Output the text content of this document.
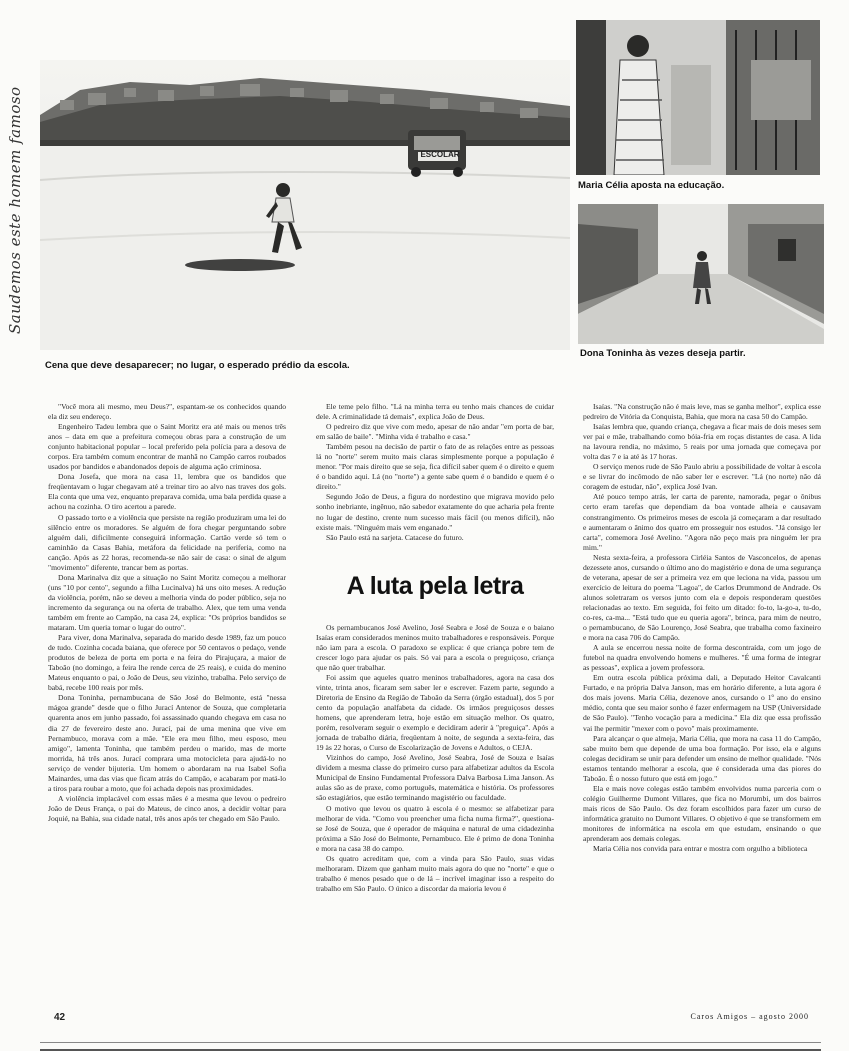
Saudemos este homem famoso	ESCOLAR
Maria Célia aposta na educação.
Dona Toninha às vezes deseja partir.
Cena que deve desaparecer; no lugar, o esperado prédio da escola.

"Você mora ali mesmo, meu Deus?", espantam-se os conhecidos quando ela diz seu endereço.

Engenheiro Tadeu lembra que o Saint Moritz era até mais ou menos três anos – data em que a prefeitura começou obras para a construção de um conjunto habitacional popular – local preferido pela polícia para a desova de corpos. Era também comum encontrar de manhã no Campão carros roubados usados por bandidos e abandonados depois de alguma ação criminosa.

Dona Josefa, que mora na casa 11, lembra que os bandidos que freqüentavam o lugar chegavam até a treinar tiro ao alvo nas traves dos gols. Ela conta que uma vez, enquanto preparava comida, uma bala perdida quase a achou na cozinha. O tiro acertou a parede.

O passado torto e a violência que persiste na região produziram uma lei do silêncio entre os moradores. Se alguém de fora chegar perguntando sobre alguém dali, dificilmente conseguirá informação. Cartão verde só tem o caminhão da Casas Bahia, metáfora da felicidade na periferia, como na canção. Após as 22 horas, recomenda-se não sair de casa: o sinal de algum "movimento" diferente, trancar bem as portas.

Dona Marinalva diz que a situação no Saint Moritz começou a melhorar (uns "10 por cento", segundo a filha Lucinalva) há uns oito meses. A redução da violência, porém, não se deveu a melhoria vinda do poder público, seja no incremento da segurança ou na oferta de trabalho. Alex, que tem uma venda também em frente ao Campão, na casa 24, explica: "Os próprios bandidos se mataram. Um queria tomar o lugar do outro".

Para viver, dona Marinalva, separada do marido desde 1989, faz um pouco de tudo. Cozinha cocada baiana, que oferece por 50 centavos o pedaço, vende produtos de beleza de porta em porta e na feira do Pirajuçara, a maior de Taboão (no domingo, a feira lhe rende cerca de 25 reais), e cuida do menino Mateus enquanto o pai, o João de Deus, seu vizinho, trabalha. Pelo serviço de babá, recebe 100 reais por mês.

Dona Toninha, pernambucana de São José do Belmonte, está "nessa mágoa grande" desde que o filho Jurací Antenor de Souza, que completaria quarenta anos em junho passado, foi assassinado quando chegava em casa no dia 27 de fevereiro deste ano. Jurací, pai de uma menina que vive em Pernambuco, morava com a mãe. "Ele era meu filho, meu esposo, meu amigo", lamenta Toninha, que também perdeu o marido, mas de morte morrida, há três anos. Jurací comprara uma motocicleta para ajudá-lo no serviço de vender bijuteria. Um homem o abordaram na rua Isabel Sofia Mainardes, uma das vias que ficam atrás do Campão, e acabaram por matá-lo a tiros para roubar a moto, que foi achada depois nas proximidades.

A violência implacável com essas mães é a mesma que levou o pedreiro João de Deus França, o pai do Mateus, de cinco anos, a decidir voltar para Joquié, na Bahia, sua cidade natal, três anos após ter chegado em São Paulo.

Ele teme pelo filho. "Lá na minha terra eu tenho mais chances de cuidar dele. A criminalidade tá demais", explica João de Deus.

O pedreiro diz que vive com medo, apesar de não andar "em porta de bar, em salão de baile". "Minha vida é trabalho e casa."

Também pesou na decisão de partir o fato de as relações entre as pessoas lá no "norte" serem muito mais claras simplesmente porque a população é menor. "Por mais direito que se seja, fica difícil saber quem é o direito e quem é o bandido aqui. Lá (no "norte") a gente sabe quem é o bandido e quem é o direito."

Segundo João de Deus, a figura do nordestino que migrava movido pelo sonho inebriante, ingênuo, não sabedor exatamente do que acharia pela frente no lugar de destino, crente num sucesso mais fácil (ou menos difícil), não existe mais. "Ninguém mais vem enganado."

São Paulo está na sarjeta. Catacese do futuro.

A luta pela letra

Os pernambucanos José Avelino, José Seabra e José de Souza e o baiano Isaías eram considerados meninos muito trabalhadores e responsáveis. Porque não iam para a escola. O paradoxo se explica: é que criança pobre tem de crescer logo para ajudar os pais. Só vai para a escola o preguiçoso, criança que não quer trabalhar.

Foi assim que aqueles quatro meninos trabalhadores, agora na casa dos vinte, trinta anos, ficaram sem saber ler e escrever. Fazem parte, segundo a Diretoria de Ensino da Região de Taboão da Serra (órgão estadual), dos 5 por cento da população analfabeta da cidade. Os irmãos preguiçosos desses homens, que aprenderam letra, hoje estão em situação melhor. Os quatro, porém, resolveram seguir o exemplo e decidiram aderir à "preguiça". Após a jornada de trabalho diária, freqüentam à noite, de segunda a sexta-feira, das 19 às 22 horas, o Curso de Escolarização de Jovens e Adultos, o CEJA.

Vizinhos do campo, José Avelino, José Seabra, José de Souza e Isaías dividem a mesma classe do primeiro curso para alfabetizar adultos da Escola Municipal de Ensino Fundamental Professora Dalva Barbosa Lima Janson. As aulas são as de praxe, como português, matemática e história. Os professores são estagiários, que estão terminando magistério ou faculdade.

O motivo que levou os quatro à escola é o mesmo: se alfabetizar para melhorar de vida. "Como vou preencher uma ficha numa firma?", questiona-se José de Souza, que é operador de máquina e natural de uma cidadezinha próxima a São José do Belmonte, Pernambuco. Ele é primo de dona Toninha e mora na casa 38 do campo.

Os quatro acreditam que, com a vinda para São Paulo, suas vidas melhoraram. Dizem que ganham muito mais agora do que no "norte" e que o trabalho é menos pesado que o de lá – incrível imaginar isso a respeito do trabalho em São Paulo. O único a discordar da maioria levou é

Isaías. "Na construção não é mais leve, mas se ganha melhor", explica esse pedreiro de Vitória da Conquista, Bahia, que mora na casa 50 do Campão.

Isaías lembra que, quando criança, chegava a ficar mais de dois meses sem ver pai e mãe, trabalhando como bóia-fria em roças distantes de casa. A lida na lavoura rendia, no máximo, 5 reais por uma jornada que começava por volta das 7 e ia até às 17 horas.

O serviço menos rude de São Paulo abriu a possibilidade de voltar à escola e se livrar do incômodo de não saber ler e escrever. "Lá (no norte) não dá coragem de estudar, não", explica José Ivan.

Até pouco tempo atrás, ler carta de parente, namorada, pegar o ônibus certo eram tarefas que dependiam da boa vontade alheia e causavam constrangimento. Os primeiros meses de escola já começaram a dar resultado e aumentaram o ânimo dos quatro em prosseguir nos estudos. "Já consigo ler carta", comemora José Avelino. "Agora não peço mais pra ninguém ler pra mim."

Nesta sexta-feira, a professora Cirléia Santos de Vasconcelos, de apenas dezessete anos, cursando o último ano do magistério e dona de uma segurança de veterana, apesar de ser a primeira vez em que leciona na vida, passou um exercício de leitura do poema "Lagoa", de Carlos Drummond de Andrade. Os alunos soletraram os versos junto com ela e depois responderam questões relacionadas ao texto. Em seguida, foi feito um ditado: fo-to, la-go-a, tu-do, co-res, ca-ma... "Está tudo que eu queria agora", brinca, para mim de neutro, o pernambucano, de São Lourenço, José Seabra, que trabalha como faxineiro e mora na casa 706 do Campão.

A aula se encerrou nessa noite de forma descontraída, com um jogo de futebol na quadra envolvendo homens e mulheres. "É uma forma de integrar as pessoas", explica a jovem professora.

Em outra escola pública próxima dali, a Deputado Heitor Cavalcanti Furtado, e na própria Dalva Janson, mas em horário diferente, a luta agora é dos mais jovens. Maria Célia, dezenove anos, cursando o 1º ano do ensino médio, conta que seu maior sonho é fazer enfermagem na USP (Universidade de São Paulo). "Tenho vocação para a medicina." Ela diz que essa profissão vai lhe permitir "mexer com o povo" mais proximamente.

Para alcançar o que almeja, Maria Célia, que mora na casa 11 do Campão, sabe muito bem que depende de uma boa formação. Por isso, ela e alguns colegas decidiram se unir para defender um ensino de melhor qualidade. "Nós estamos tentando melhorar a escola, que é considerada uma das piores do Taboão. É o nosso futuro que está em jogo."

Ela e mais nove colegas estão também envolvidos numa parceria com o colégio Guilherme Dumont Villares, que fica no Morumbi, um dos bairros mais ricos de São Paulo. Os dez foram escolhidos para fazer um curso de informática gratuito no Dumont Villares. O objetivo é que se transformem em monitores de informática na escola em que estudam, ensinando o que aprenderam aos demais colegas.

Maria Célia nos convida para entrar e mostra com orgulho a biblioteca

42	Caros Amigos – agosto 2000
